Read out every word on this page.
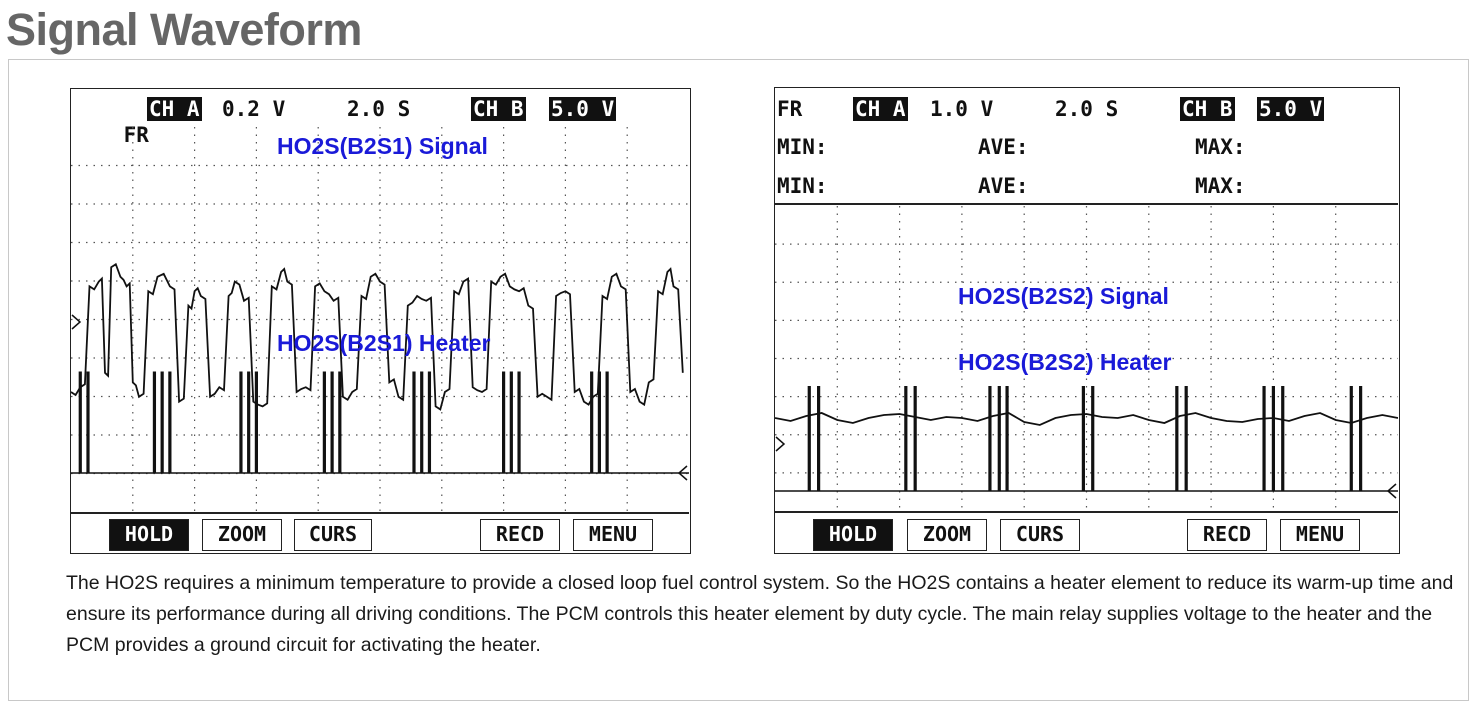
Signal Waveform

FR

CH A 0.2 V	2.0 S	CH B 5.0 V
HO2S(B2S1) Signal
HO2S(B2S1) Heater
HOLD	ZOOM	CURS	RECD	MENU
FR	CH A 1.0 V	2.0 S	CH B 5.0 V
MIN:	AVE:	MAX:
MIN:	AVE:	MAX:
HO2S(B2S2) Signal
HO2S(B2S2) Heater
HOLD	ZOOM	CURS	RECD	MENU
The HO2S requires a minimum temperature to provide a closed loop fuel control system. So the HO2S contains a heater element to reduce its warm-up time and ensure its performance during all driving conditions. The PCM controls this heater element by duty cycle. The main relay supplies voltage to the heater and the PCM provides a ground circuit for activating the heater.
